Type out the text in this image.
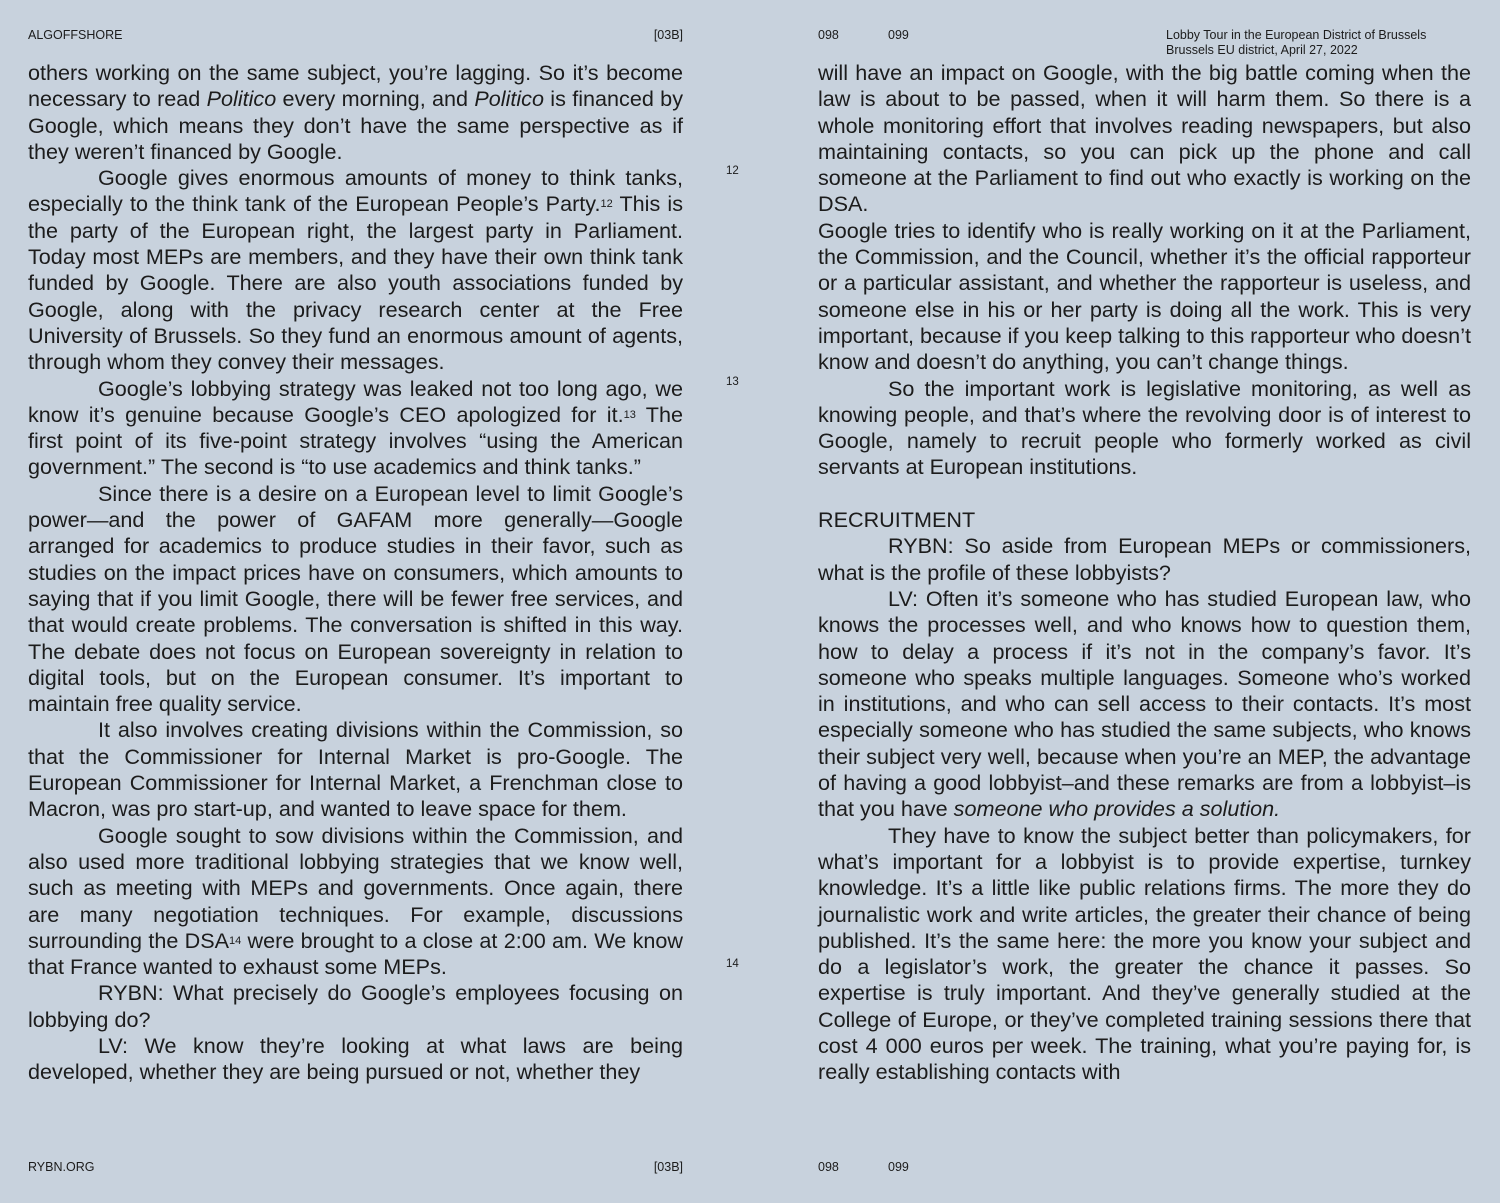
ALGOFFSHORE	[03B]

others working on the same subject, you’re lagging. So it’s become necessary to read Politico every morning, and Politico is financed by Google, which means they don’t have the same perspective as if they weren’t financed by Google.

Google gives enormous amounts of money to think tanks, especially to the think tank of the European People’s Party.$^{12}$ This is the party of the European right, the largest party in Parliament. Today most MEPs are members, and they have their own think tank funded by Google. There are also youth associations funded by Google, along with the privacy research center at the Free University of Brussels. So they fund an enormous amount of agents, through whom they convey their messages.

Google’s lobbying strategy was leaked not too long ago, we know it’s genuine because Google’s CEO apologized for it.$^{13}$ The first point of its five-point strategy involves “using the American government.” The second is “to use academics and think tanks.”

Since there is a desire on a European level to limit Google’s power—and the power of GAFAM more generally—Google arranged for academics to produce studies in their favor, such as studies on the impact prices have on consumers, which amounts to saying that if you limit Google, there will be fewer free services, and that would create problems. The conversation is shifted in this way. The debate does not focus on European sovereignty in relation to digital tools, but on the European consumer. It’s important to maintain free quality service.

It also involves creating divisions within the Commission, so that the Commissioner for Internal Market is pro-Google. The European Commissioner for Internal Market, a Frenchman close to Macron, was pro start-up, and wanted to leave space for them.

Google sought to sow divisions within the Commission, and also used more traditional lobbying strategies that we know well, such as meeting with MEPs and governments. Once again, there are many negotiation techniques. For example, discussions surrounding the DSA$^{14}$ were brought to a close at 2:00 am. We know that France wanted to exhaust some MEPs.

RYBN: What precisely do Google’s employees focusing on lobbying do?

LV: We know they’re looking at what laws are being developed, whether they are being pursued or not, whether they

12
13
14
RYBN.ORG	[03B]
098	099	Lobby Tour in the European District of Brussels
Brussels EU district, April 27, 2022

will have an impact on Google, with the big battle coming when the law is about to be passed, when it will harm them. So there is a whole monitoring effort that involves reading newspapers, but also maintaining contacts, so you can pick up the phone and call someone at the Parliament to find out who exactly is working on the DSA.

Google tries to identify who is really working on it at the Parliament, the Commission, and the Council, whether it’s the official rapporteur or a particular assistant, and whether the rapporteur is useless, and someone else in his or her party is doing all the work. This is very important, because if you keep talking to this rapporteur who doesn’t know and doesn’t do anything, you can’t change things.

So the important work is legislative monitoring, as well as knowing people, and that’s where the revolving door is of interest to Google, namely to recruit people who formerly worked as civil servants at European institutions.

RECRUITMENT

RYBN: So aside from European MEPs or commissioners, what is the profile of these lobbyists?

LV: Often it’s someone who has studied European law, who knows the processes well, and who knows how to question them, how to delay a process if it’s not in the company’s favor. It’s someone who speaks multiple languages. Someone who’s worked in institutions, and who can sell access to their contacts. It’s most especially someone who has studied the same subjects, who knows their subject very well, because when you’re an MEP, the advantage of having a good lobbyist–and these remarks are from a lobbyist–is that you have someone who provides a solution.

They have to know the subject better than policymakers, for what’s important for a lobbyist is to provide expertise, turnkey knowledge. It’s a little like public relations firms. The more they do journalistic work and write articles, the greater their chance of being published. It’s the same here: the more you know your subject and do a legislator’s work, the greater the chance it passes. So expertise is truly important. And they’ve generally studied at the College of Europe, or they’ve completed training sessions there that cost 4 000 euros per week. The training, what you’re paying for, is really establishing contacts with

098	099
